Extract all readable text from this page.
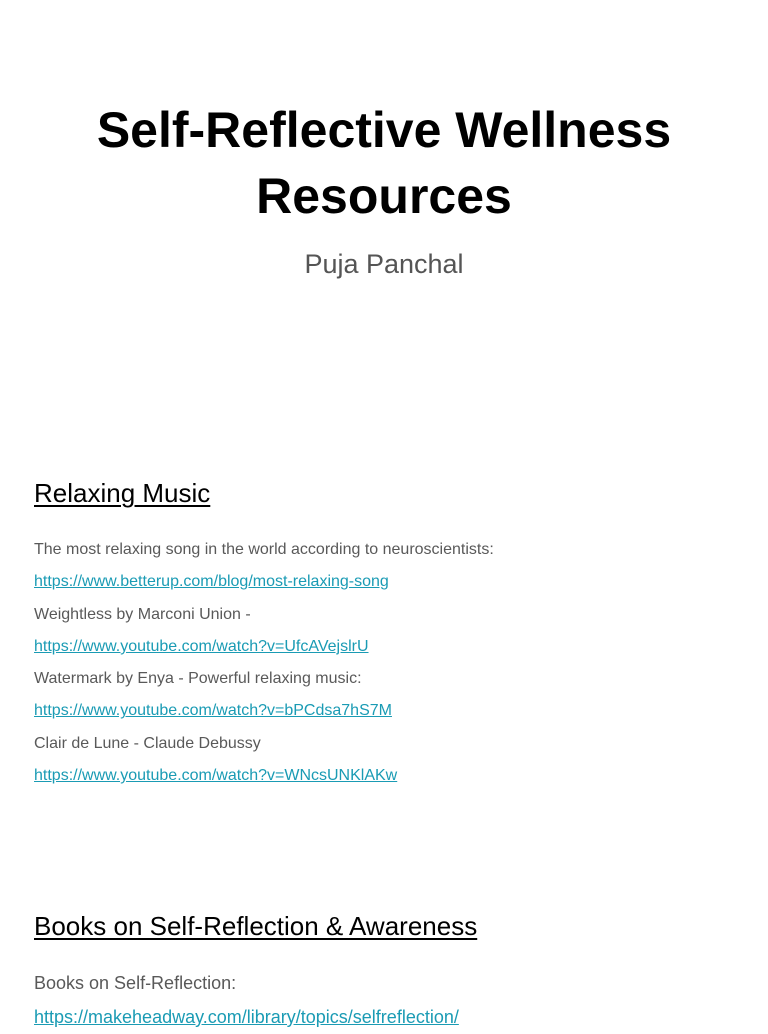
Self-Reflective Wellness
Resources

Puja Panchal

Relaxing Music
The most relaxing song in the world according to neuroscientists:
https://www.betterup.com/blog/most-relaxing-song
Weightless by Marconi Union -
https://www.youtube.com/watch?v=UfcAVejslrU
Watermark by Enya - Powerful relaxing music:
https://www.youtube.com/watch?v=bPCdsa7hS7M
Clair de Lune - Claude Debussy
https://www.youtube.com/watch?v=WNcsUNKlAKw
Books on Self-Reflection & Awareness
Books on Self-Reflection:
https://makeheadway.com/library/topics/selfreflection/
